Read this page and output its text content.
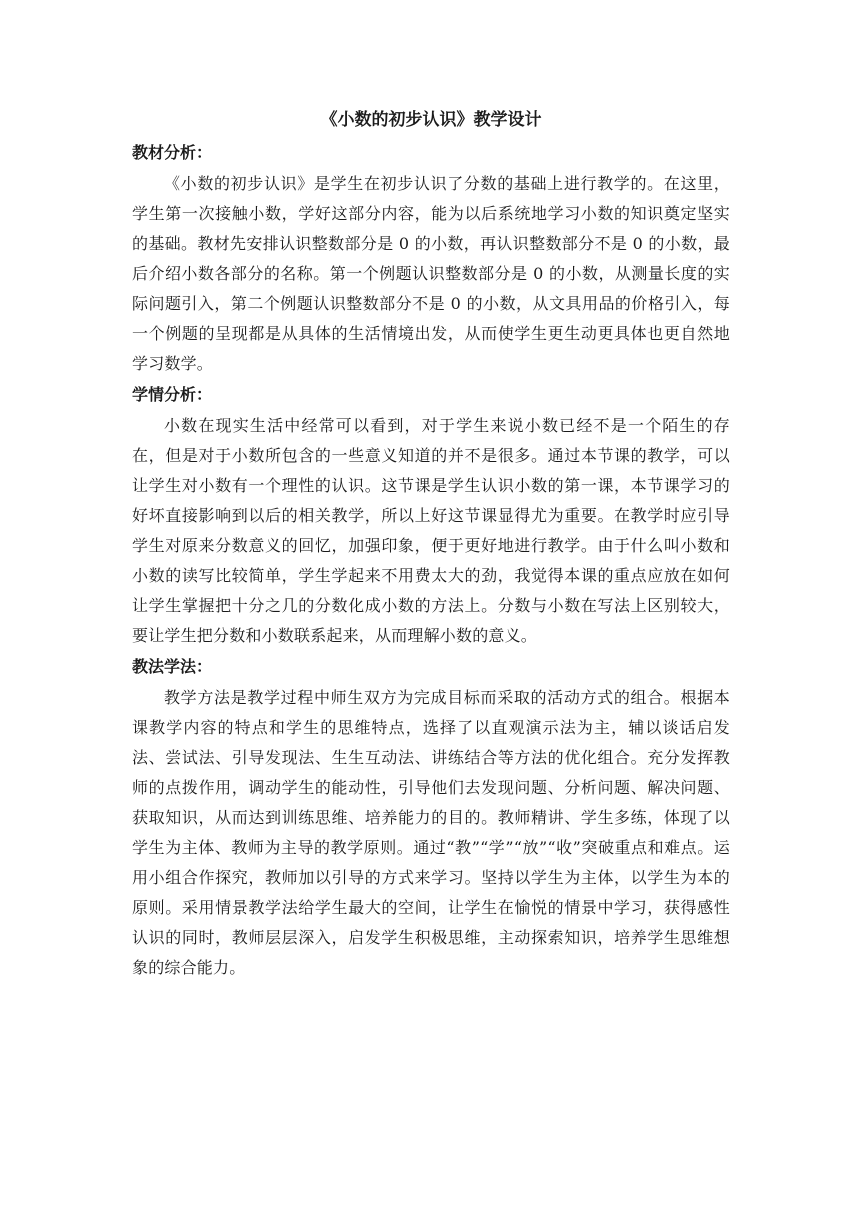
《小数的初步认识》教学设计
教材分析：

《小数的初步认识》是学生在初步认识了分数的基础上进行教学的。在这里，学生第一次接触小数，学好这部分内容，能为以后系统地学习小数的知识奠定坚实的基础。教材先安排认识整数部分是 0 的小数，再认识整数部分不是 0 的小数，最后介绍小数各部分的名称。第一个例题认识整数部分是 0 的小数，从测量长度的实际问题引入，第二个例题认识整数部分不是 0 的小数，从文具用品的价格引入，每一个例题的呈现都是从具体的生活情境出发，从而使学生更生动更具体也更自然地学习数学。

学情分析：

小数在现实生活中经常可以看到，对于学生来说小数已经不是一个陌生的存在，但是对于小数所包含的一些意义知道的并不是很多。通过本节课的教学，可以让学生对小数有一个理性的认识。这节课是学生认识小数的第一课，本节课学习的好坏直接影响到以后的相关教学，所以上好这节课显得尤为重要。在教学时应引导学生对原来分数意义的回忆，加强印象，便于更好地进行教学。由于什么叫小数和小数的读写比较简单，学生学起来不用费太大的劲，我觉得本课的重点应放在如何让学生掌握把十分之几的分数化成小数的方法上。分数与小数在写法上区别较大，要让学生把分数和小数联系起来，从而理解小数的意义。

教法学法：

教学方法是教学过程中师生双方为完成目标而采取的活动方式的组合。根据本课教学内容的特点和学生的思维特点，选择了以直观演示法为主，辅以谈话启发法、尝试法、引导发现法、生生互动法、讲练结合等方法的优化组合。充分发挥教师的点拨作用，调动学生的能动性，引导他们去发现问题、分析问题、解决问题、获取知识，从而达到训练思维、培养能力的目的。教师精讲、学生多练，体现了以学生为主体、教师为主导的教学原则。通过“教”“学”“放”“收”突破重点和难点。运用小组合作探究，教师加以引导的方式来学习。坚持以学生为主体，以学生为本的原则。采用情景教学法给学生最大的空间，让学生在愉悦的情景中学习，获得感性认识的同时，教师层层深入，启发学生积极思维，主动探索知识，培养学生思维想象的综合能力。
